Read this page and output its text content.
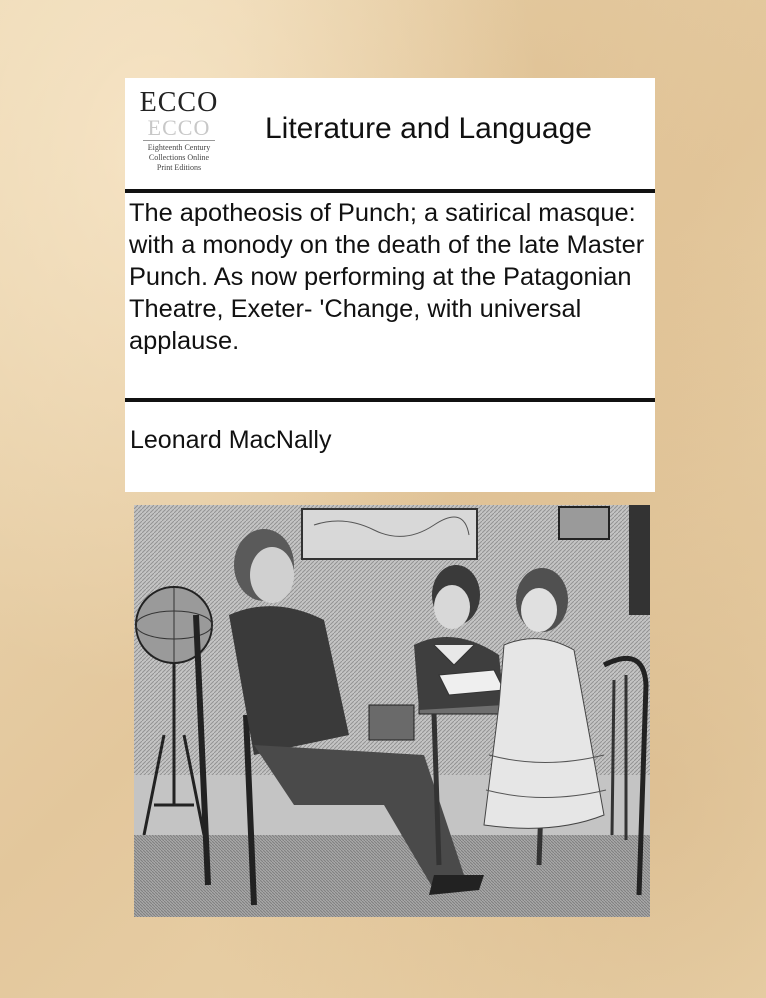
ECCO
ECCO
Eighteenth Century
Collections Online
Print Editions
Literature and Language
The apotheosis of Punch; a satirical masque: with a monody on the death of the late Master Punch. As now performing at the Patagonian Theatre, Exeter- 'Change, with universal applause.
Leonard MacNally
